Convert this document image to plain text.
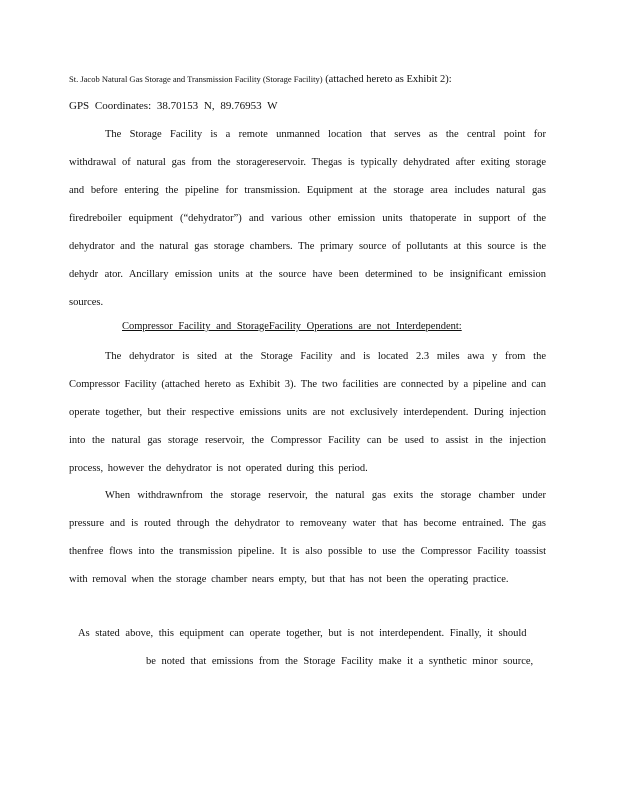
St. Jacob Natural Gas Storage and Transmission Facility (Storage Facility) (attached hereto as Exhibit 2):
GPS Coordinates: 38.70153 N, 89.76953 W
The Storage Facility is a remote unmanned location that serves as the central point for withdrawal of natural gas from the storagereservoir. Thegas is typically dehydrated after exiting storage and before entering the pipeline for transmission. Equipment at the storage area includes natural gas firedreboiler equipment (“dehydrator”) and various other emission units thatoperate in support of the dehydrator and the natural gas storage chambers. The primary source of pollutants at this source is the dehydr ator. Ancillary emission units at the source have been determined to be insignificant emission sources.
Compressor Facility and StorageFacility Operations are not Interdependent:
The dehydrator is sited at the Storage Facility and is located 2.3 miles awa y from the Compressor Facility (attached hereto as Exhibit 3). The two facilities are connected by a pipeline and can operate together, but their respective emissions units are not exclusively interdependent. During injection into the natural gas storage reservoir, the Compressor Facility can be used to assist in the injection process, however the dehydrator is not operated during this period.
When withdrawnfrom the storage reservoir, the natural gas exits the storage chamber under pressure and is routed through the dehydrator to removeany water that has become entrained. The gas thenfree flows into the transmission pipeline. It is also possible to use the Compressor Facility toassist with removal when the storage chamber nears empty, but that has not been the operating practice.
As stated above, this equipment can operate together, but is not interdependent. Finally, it should
be noted that emissions from the Storage Facility make it a synthetic minor source,
